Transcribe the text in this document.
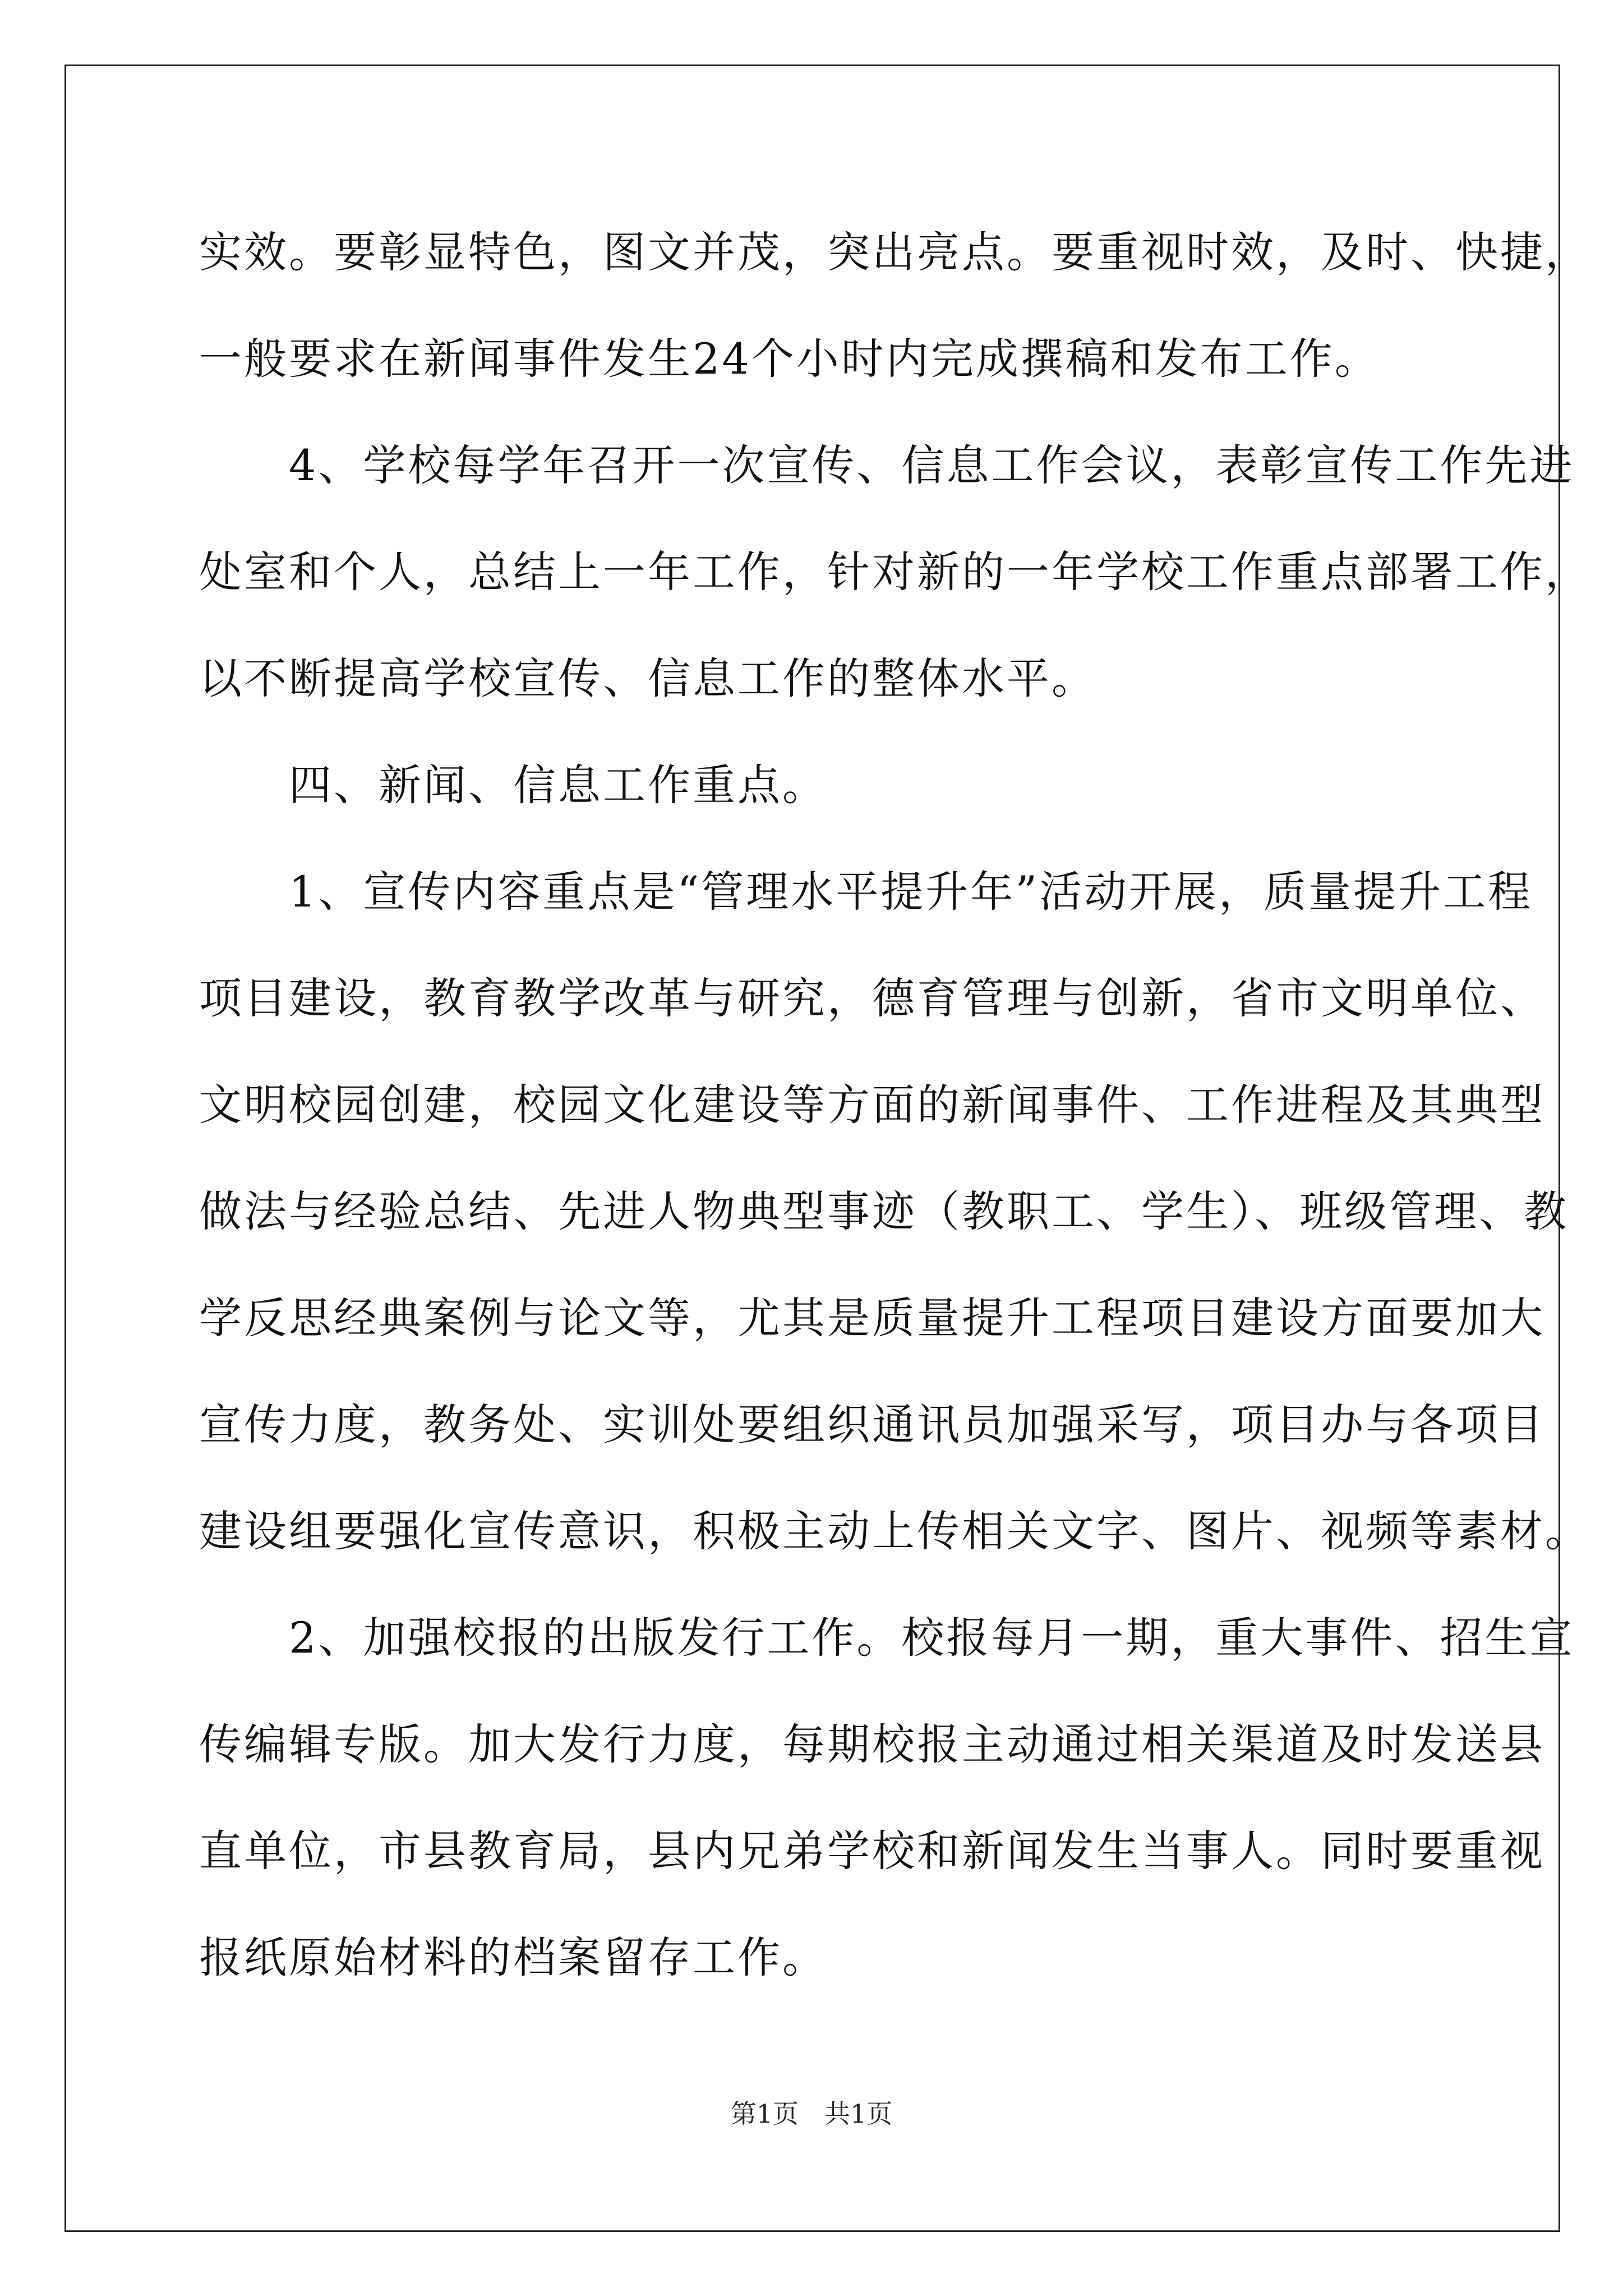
实效。要彰显特色，图文并茂，突出亮点。要重视时效，及时、快捷，
一般要求在新闻事件发生24个小时内完成撰稿和发布工作。
　　4、学校每学年召开一次宣传、信息工作会议，表彰宣传工作先进
处室和个人，总结上一年工作，针对新的一年学校工作重点部署工作，
以不断提高学校宣传、信息工作的整体水平。
　　四、新闻、信息工作重点。
　　1、宣传内容重点是“管理水平提升年”活动开展，质量提升工程
项目建设，教育教学改革与研究，德育管理与创新，省市文明单位、
文明校园创建，校园文化建设等方面的新闻事件、工作进程及其典型
做法与经验总结、先进人物典型事迹（教职工、学生）、班级管理、教
学反思经典案例与论文等，尤其是质量提升工程项目建设方面要加大
宣传力度，教务处、实训处要组织通讯员加强采写，项目办与各项目
建设组要强化宣传意识，积极主动上传相关文字、图片、视频等素材。
　　2、加强校报的出版发行工作。校报每月一期，重大事件、招生宣
传编辑专版。加大发行力度，每期校报主动通过相关渠道及时发送县
直单位，市县教育局，县内兄弟学校和新闻发生当事人。同时要重视
报纸原始材料的档案留存工作。
第1页　共1页
